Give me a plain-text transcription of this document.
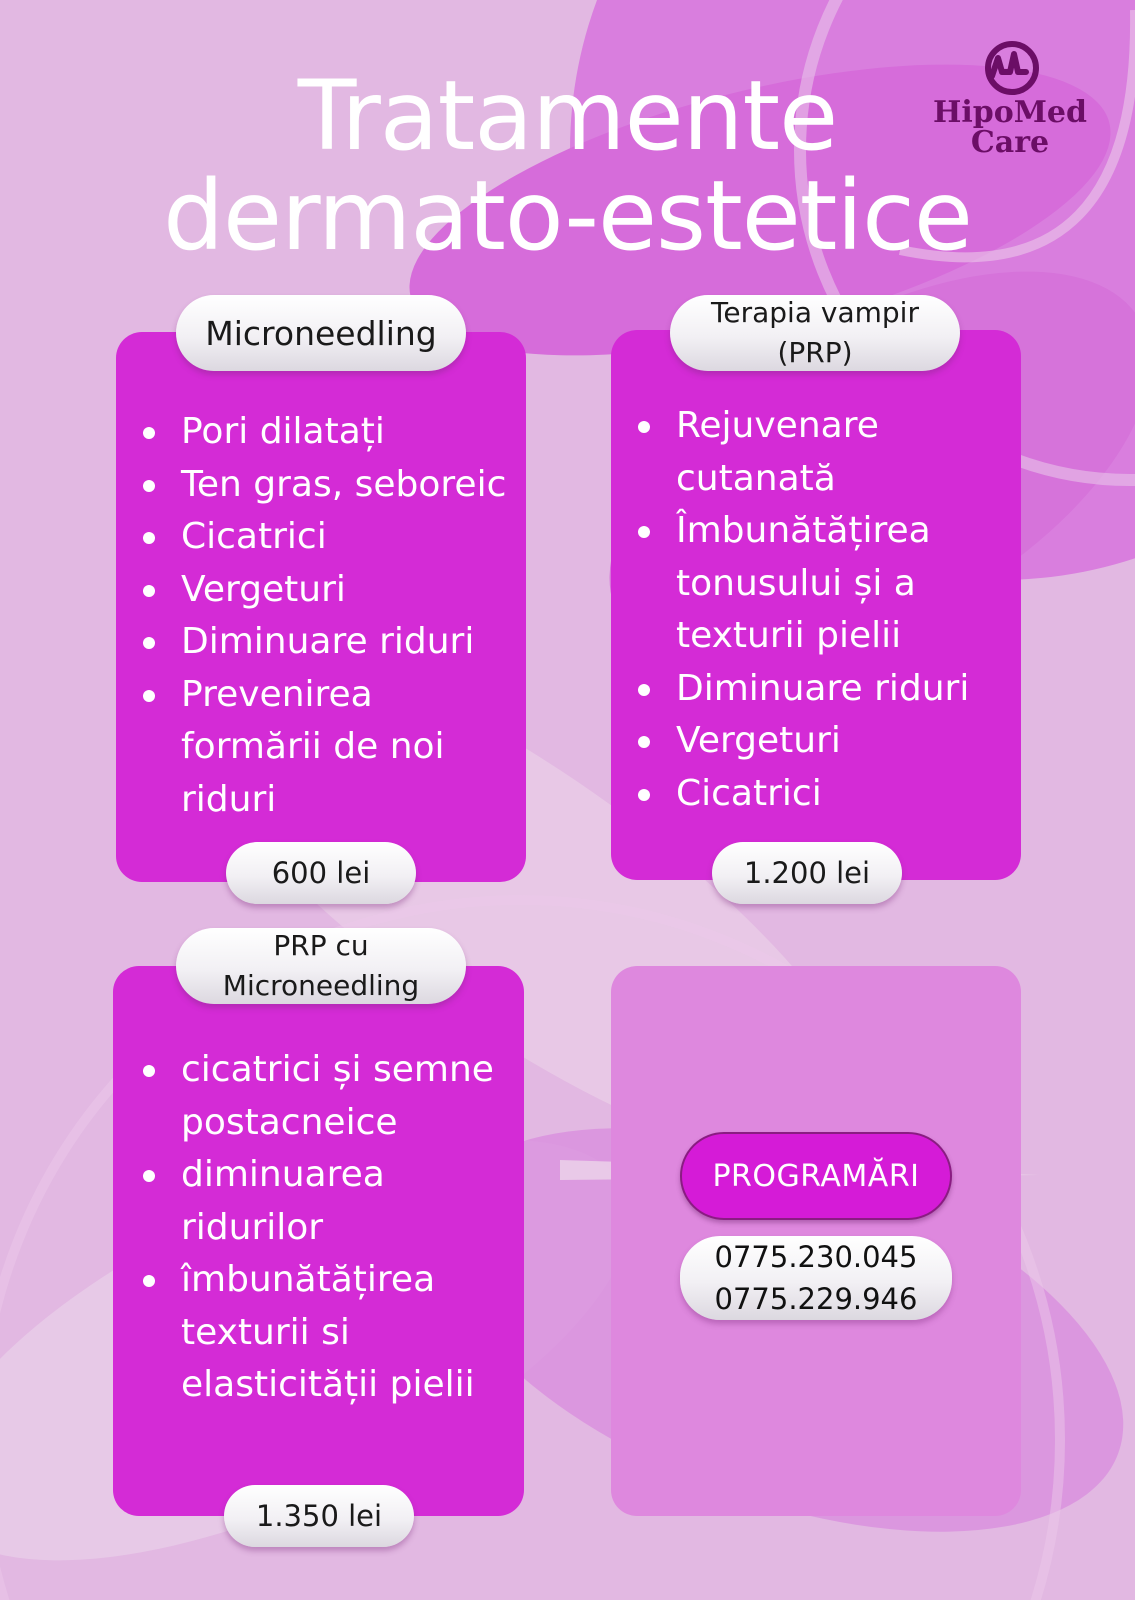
Tratamente
dermato-estetice
HipoMed
Care
Microneedling
Pori dilatați
Ten gras, seboreic
Cicatrici
Vergeturi
Diminuare riduri
Prevenirea formării de noi riduri
600 lei
Terapia vampir
(PRP)
Rejuvenare cutanată
Îmbunătățirea tonusului și a texturii pielii
Diminuare riduri
Vergeturi
Cicatrici
1.200 lei
PRP cu
Microneedling
cicatrici și semne postacneice
diminuarea ridurilor
îmbunătățirea texturii si elasticității pielii
1.350 lei
PROGRAMĂRI
0775.230.045
0775.229.946
